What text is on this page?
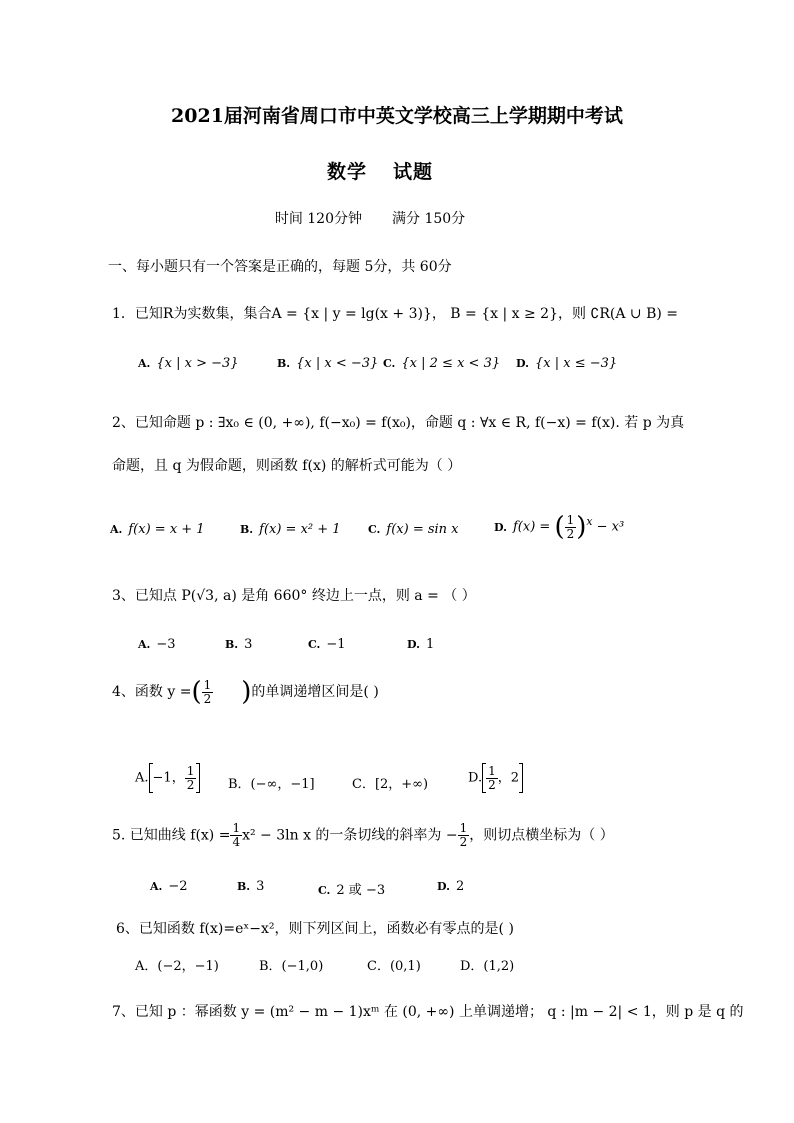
2021届河南省周口市中英文学校高三上学期期中考试
数学 试题
时间 120分钟 满分 150分
一、每小题只有一个答案是正确的，每题 5分，共 60分
1．已知R为实数集，集合A = {x | y = lg(x + 3)}， B = {x | x ≥ 2}，则 ∁R(A ∪ B) =
A. {x | x > −3}	B. {x | x < −3} C. {x | 2 ≤ x < 3} D. {x | x ≤ −3}
2、已知命题 p : ∃x₀ ∈ (0, +∞), f(−x₀) = f(x₀)，命题 q : ∀x ∈ R, f(−x) = f(x). 若 p 为真
命题，且 q 为假命题，则函数 f(x) 的解析式可能为（ ）
A. f(x) = x + 1	B. f(x) = x² + 1 C. f(x) = sin x	D. f(x) = ( $\frac{1}{2} )^x - x^3$
3、已知点 P(√3, a) 是角 660° 终边上一点，则 a = （ ）
A. −3	B. 3	C. −1	D. 1
4、函数 y =( $\frac{1}{2}$ )的单调递增区间是( )
A. −1， $\frac{1}{2}$ B．(−∞，−1]	C．[2，+∞)	D. $\frac{1}{2}$ ，2
5. 已知曲线 $f(x) = \frac{1}{4} x^2 - 3\ln$ x 的一条切线的斜率为 − $\frac{1}{2}$ ，则切点横坐标为（ ）
A. −2	B. 3	C. 2 或 −3	D. 2
6、已知函数 f(x)=eˣ−x²，则下列区间上，函数必有零点的是( )
A．(−2，−1)	B．(−1,0)	C．(0,1)	D．(1,2)
7、已知 p ：幂函数 y = (m² − m − 1)xᵐ 在 (0, +∞) 上单调递增； q : |m − 2| < 1，则 p 是 q 的
